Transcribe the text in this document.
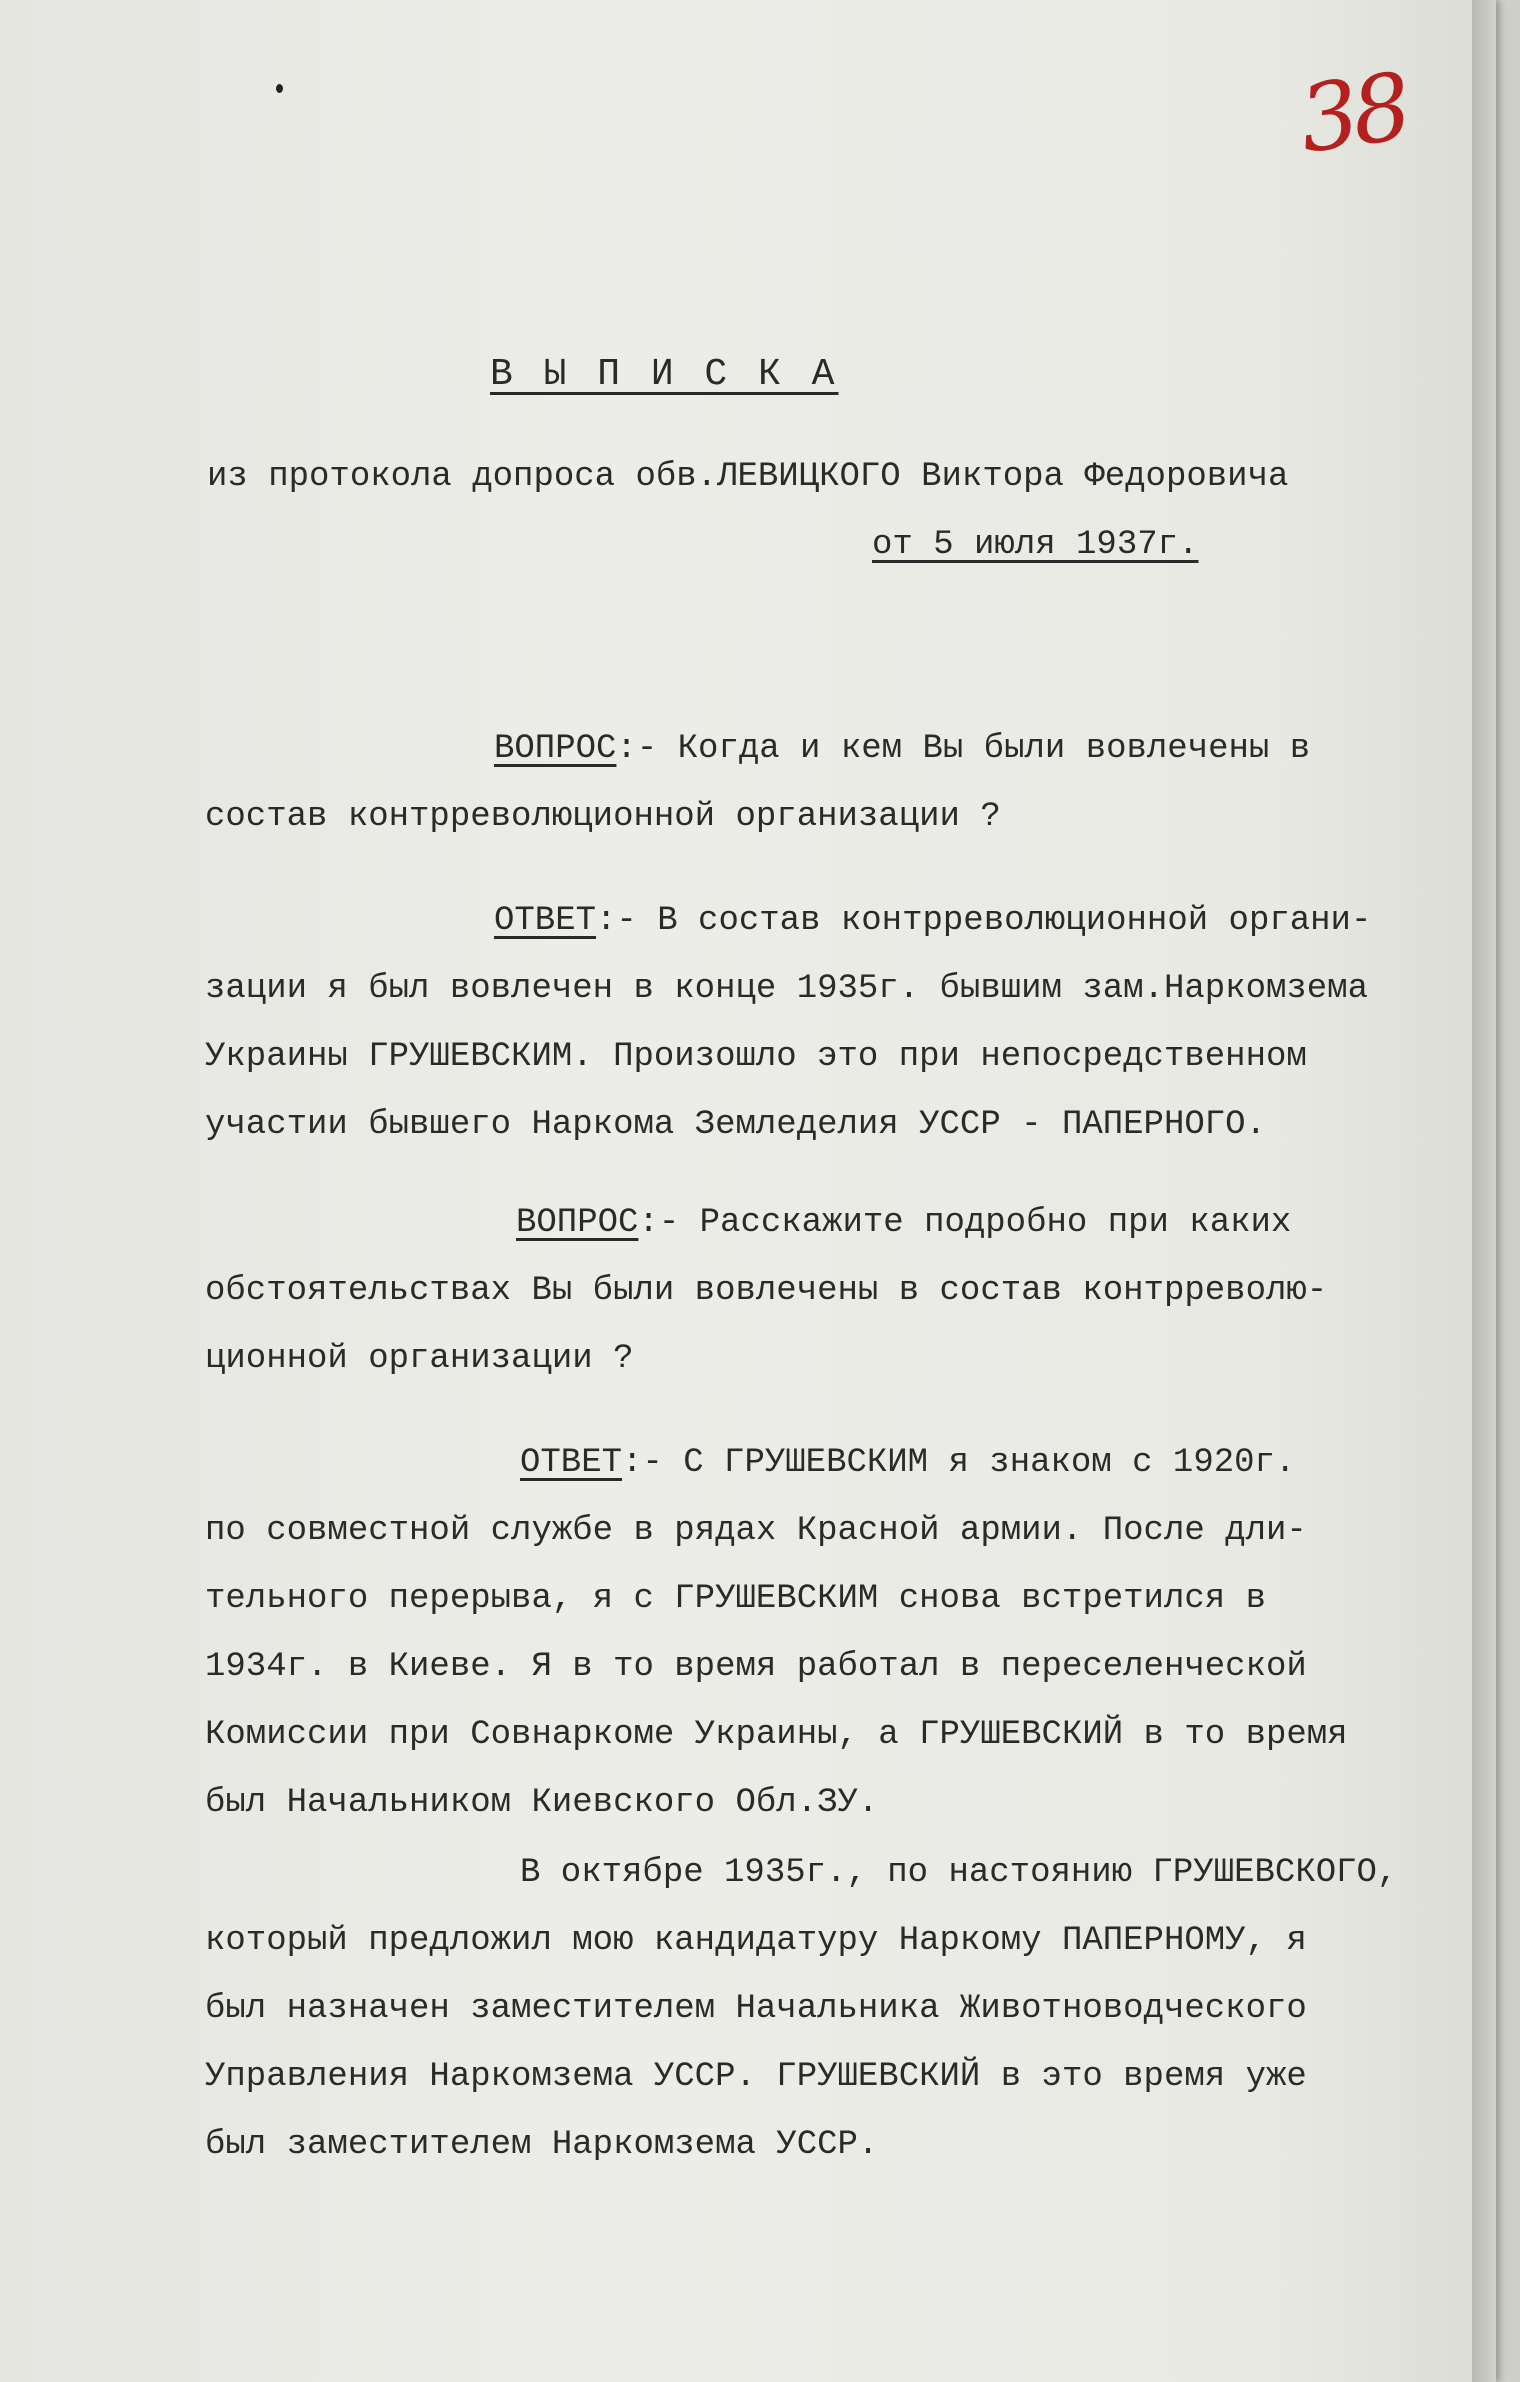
38
В Ы П И С К А
из протокола допроса обв.ЛЕВИЦКОГО Виктора Федоровича
от 5 июля 1937г.
ВОПРОС:- Когда и кем Вы были вовлечены в
состав контрреволюционной организации ?
ОТВЕТ:- В состав контрреволюционной органи-
зации я был вовлечен в конце 1935г. бывшим зам.Наркомзема
Украины ГРУШЕВСКИМ. Произошло это при непосредственном
участии бывшего Наркома Земледелия УССР - ПАПЕРНОГО.
ВОПРОС:- Расскажите подробно при каких
обстоятельствах Вы были вовлечены в состав контрреволю-
ционной организации ?
ОТВЕТ:- С ГРУШЕВСКИМ я знаком с 1920г.
по совместной службе в рядах Красной армии. После дли-
тельного перерыва, я с ГРУШЕВСКИМ снова встретился в
1934г. в Киеве. Я в то время работал в переселенческой
Комиссии при Совнаркоме Украины, а ГРУШЕВСКИЙ в то время
был Начальником Киевского Обл.ЗУ.
В октябре 1935г., по настоянию ГРУШЕВСКОГО,
который предложил мою кандидатуру Наркому ПАПЕРНОМУ, я
был назначен заместителем Начальника Животноводческого
Управления Наркомзема УССР. ГРУШЕВСКИЙ в это время уже
был заместителем Наркомзема УССР.
